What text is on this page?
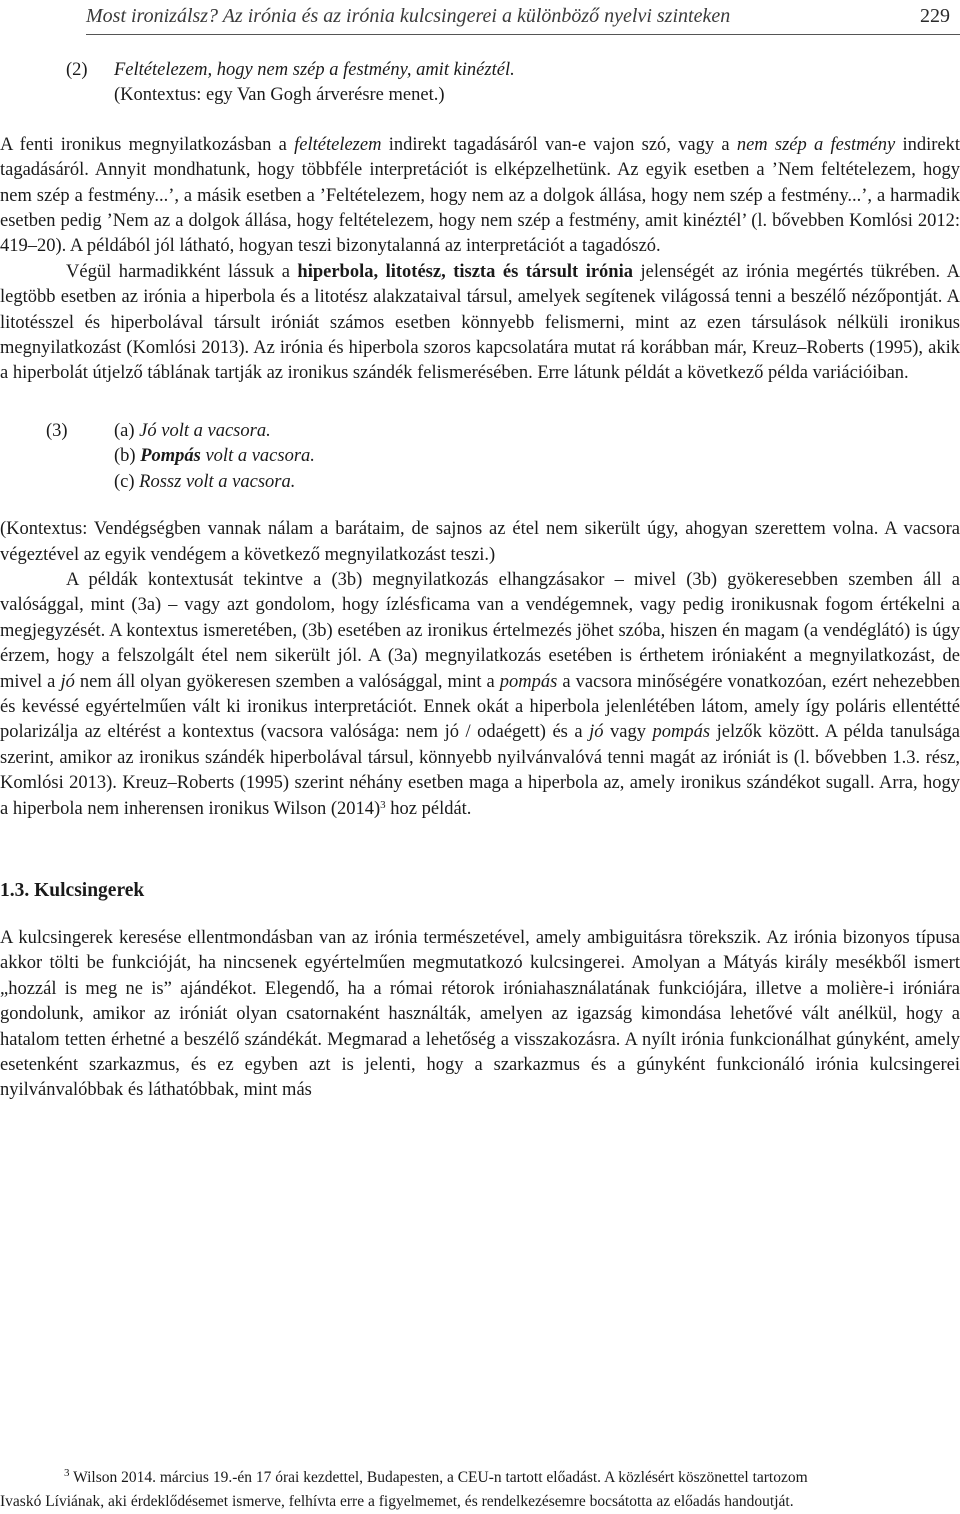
Most ironizálsz? Az irónia és az irónia kulcsingerei a különböző nyelvi szinteken	229
(2) Feltételezem, hogy nem szép a festmény, amit kinéztél.
(Kontextus: egy Van Gogh árverésre menet.)

A fenti ironikus megnyilatkozásban a feltételezem indirekt tagadásáról van-e vajon szó, vagy a nem szép a festmény indirekt tagadásáról. Annyit mondhatunk, hogy többféle interpretációt is elképzelhetünk. Az egyik esetben a ’Nem feltételezem, hogy nem szép a festmény...’, a másik esetben a ’Feltételezem, hogy nem az a dolgok állása, hogy nem szép a festmény...’, a harmadik esetben pedig ’Nem az a dolgok állása, hogy feltételezem, hogy nem szép a festmény, amit kinéztél’ (l. bővebben Komlósi 2012: 419–20). A példából jól látható, hogyan teszi bizonytalanná az interpretációt a tagadószó.

Végül harmadikként lássuk a hiperbola, litotész, tiszta és társult irónia jelenségét az irónia megértés tükrében. A legtöbb esetben az irónia a hiperbola és a litotész alakzataival társul, amelyek segítenek világossá tenni a beszélő nézőpontját. A litotésszel és hiperbolával társult iróniát számos esetben könnyebb felismerni, mint az ezen társulások nélküli ironikus megnyilatkozást (Komlósi 2013). Az irónia és hiperbola szoros kapcsolatára mutat rá korábban már, Kreuz–Roberts (1995), akik a hiperbolát útjelző táblának tartják az ironikus szándék felismerésében. Erre látunk példát a következő példa variációiban.

(3)	(a) Jó volt a vacsora.
(b) Pompás volt a vacsora.
(c) Rossz volt a vacsora.

(Kontextus: Vendégségben vannak nálam a barátaim, de sajnos az étel nem sikerült úgy, ahogyan szerettem volna. A vacsora végeztével az egyik vendégem a következő megnyilatkozást teszi.)

A példák kontextusát tekintve a (3b) megnyilatkozás elhangzásakor – mivel (3b) gyökeresebben szemben áll a valósággal, mint (3a) – vagy azt gondolom, hogy ízlésficama van a vendégemnek, vagy pedig ironikusnak fogom értékelni a megjegyzését. A kontextus ismeretében, (3b) esetében az ironikus értelmezés jöhet szóba, hiszen én magam (a vendéglátó) is úgy érzem, hogy a felszolgált étel nem sikerült jól. A (3a) megnyilatkozás esetében is érthetem iróniaként a megnyilatkozást, de mivel a jó nem áll olyan gyökeresen szemben a valósággal, mint a pompás a vacsora minőségére vonatkozóan, ezért nehezebben és kevéssé egyértelműen vált ki ironikus interpretációt. Ennek okát a hiperbola jelenlétében látom, amely így poláris ellentétté polarizálja az eltérést a kontextus (vacsora valósága: nem jó / odaégett) és a jó vagy pompás jelzők között. A példa tanulsága szerint, amikor az ironikus szándék hiperbolával társul, könnyebb nyilvánvalóvá tenni magát az iróniát is (l. bővebben 1.3. rész, Komlósi 2013). Kreuz–Roberts (1995) szerint néhány esetben maga a hiperbola az, amely ironikus szándékot sugall. Arra, hogy a hiperbola nem inherensen ironikus Wilson $(2014)^3$ hoz példát.

1.3. Kulcsingerek

A kulcsingerek keresése ellentmondásban van az irónia természetével, amely ambiguitásra törekszik. Az irónia bizonyos típusa akkor tölti be funkcióját, ha nincsenek egyértelműen megmutatkozó kulcsingerei. Amolyan a Mátyás király mesékből ismert „hozzál is meg ne is” ajándékot. Elegendő, ha a római rétorok iróniahasználatának funkciójára, illetve a molière-i iróniára gondolunk, amikor az iróniát olyan csatornaként használták, amelyen az igazság kimondása lehetővé vált anélkül, hogy a hatalom tetten érhetné a beszélő szándékát. Megmarad a lehetőség a visszakozásra. A nyílt irónia funkcionálhat gúnyként, amely esetenként szarkazmus, és ez egyben azt is jelenti, hogy a szarkazmus és a gúnyként funkcionáló irónia kulcsingerei nyilvánvalóbbak és láthatóbbak, mint más

$^3$ Wilson 2014. március 19.-én 17 órai kezdettel, Budapesten, a CEU-n tartott előadást. A közlésért köszönettel tartozom

Ivaskó Líviának, aki érdeklődésemet ismerve, felhívta erre a figyelmemet, és rendelkezésemre bocsátotta az előadás handoutját.
